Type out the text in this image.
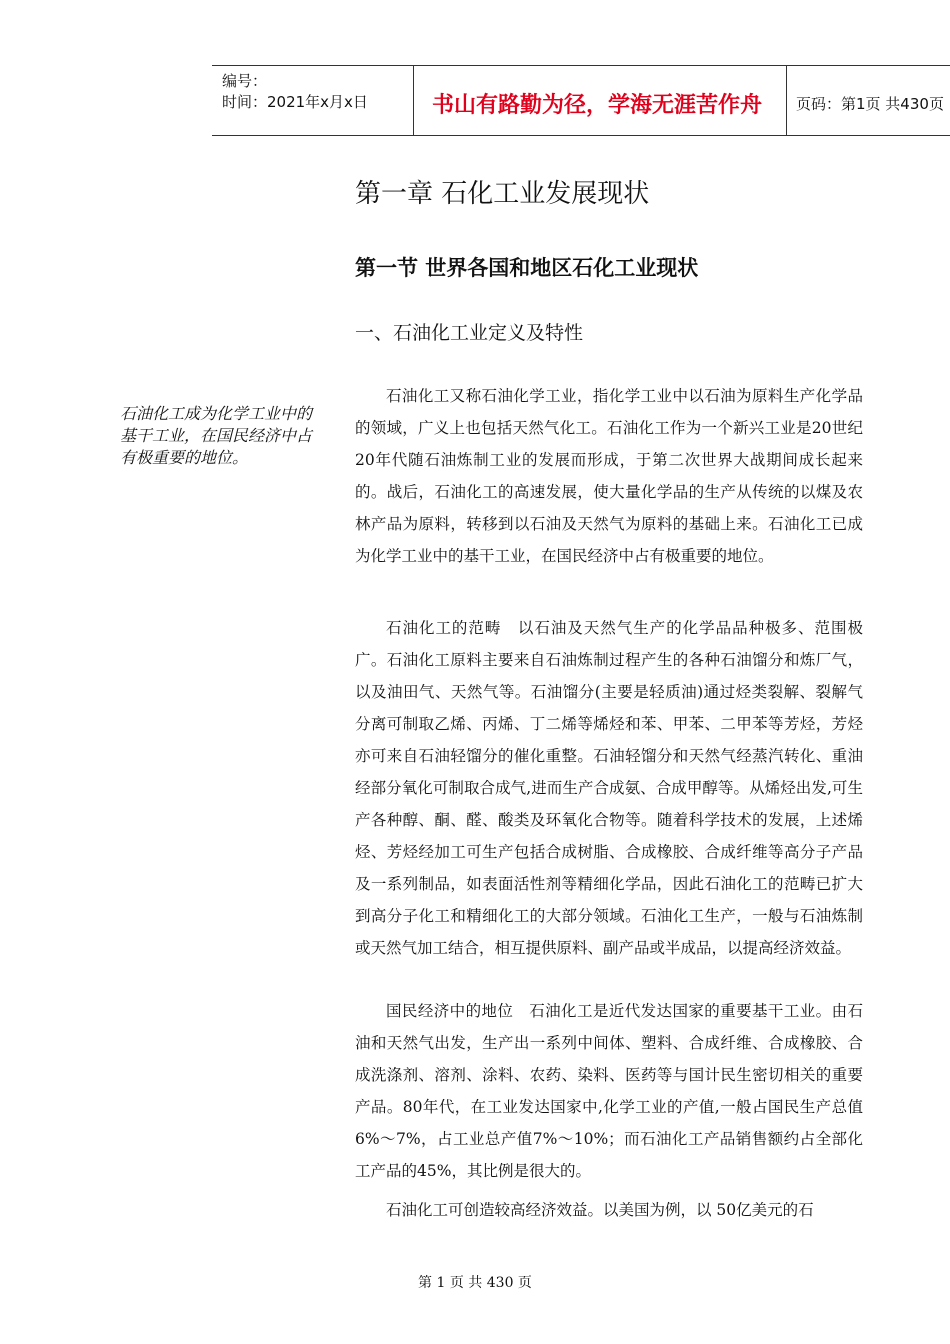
编号：
时间：2021年x月x日	书山有路勤为径，学海无涯苦作舟 页码：第1页 共430页
第一章 石化工业发展现状
第一节 世界各国和地区石化工业现状
一、石油化工业定义及特性
石油化工成为化学工业中的基干工业，在国民经济中占有极重要的地位。

石油化工又称石油化学工业，指化学工业中以石油为原料生产化学品的领域，广义上也包括天然气化工。石油化工作为一个新兴工业是20世纪20年代随石油炼制工业的发展而形成，于第二次世界大战期间成长起来的。战后，石油化工的高速发展，使大量化学品的生产从传统的以煤及农林产品为原料，转移到以石油及天然气为原料的基础上来。石油化工已成为化学工业中的基干工业，在国民经济中占有极重要的地位。

石油化工的范畴　以石油及天然气生产的化学品品种极多、范围极广。石油化工原料主要来自石油炼制过程产生的各种石油馏分和炼厂气，以及油田气、天然气等。石油馏分(主要是轻质油)通过烃类裂解、裂解气分离可制取乙烯、丙烯、丁二烯等烯烃和苯、甲苯、二甲苯等芳烃，芳烃亦可来自石油轻馏分的催化重整。石油轻馏分和天然气经蒸汽转化、重油经部分氧化可制取合成气,进而生产合成氨、合成甲醇等。从烯烃出发,可生产各种醇、酮、醛、酸类及环氧化合物等。随着科学技术的发展，上述烯烃、芳烃经加工可生产包括合成树脂、合成橡胶、合成纤维等高分子产品及一系列制品，如表面活性剂等精细化学品，因此石油化工的范畴已扩大到高分子化工和精细化工的大部分领域。石油化工生产，一般与石油炼制或天然气加工结合，相互提供原料、副产品或半成品，以提高经济效益。

国民经济中的地位　石油化工是近代发达国家的重要基干工业。由石油和天然气出发，生产出一系列中间体、塑料、合成纤维、合成橡胶、合成洗涤剂、溶剂、涂料、农药、染料、医药等与国计民生密切相关的重要产品。80年代，在工业发达国家中,化学工业的产值,一般占国民生产总值 6%～7%，占工业总产值7%～10%；而石油化工产品销售额约占全部化工产品的45%，其比例是很大的。

石油化工可创造较高经济效益。以美国为例，以 50亿美元的石

第 1 页 共 430 页
